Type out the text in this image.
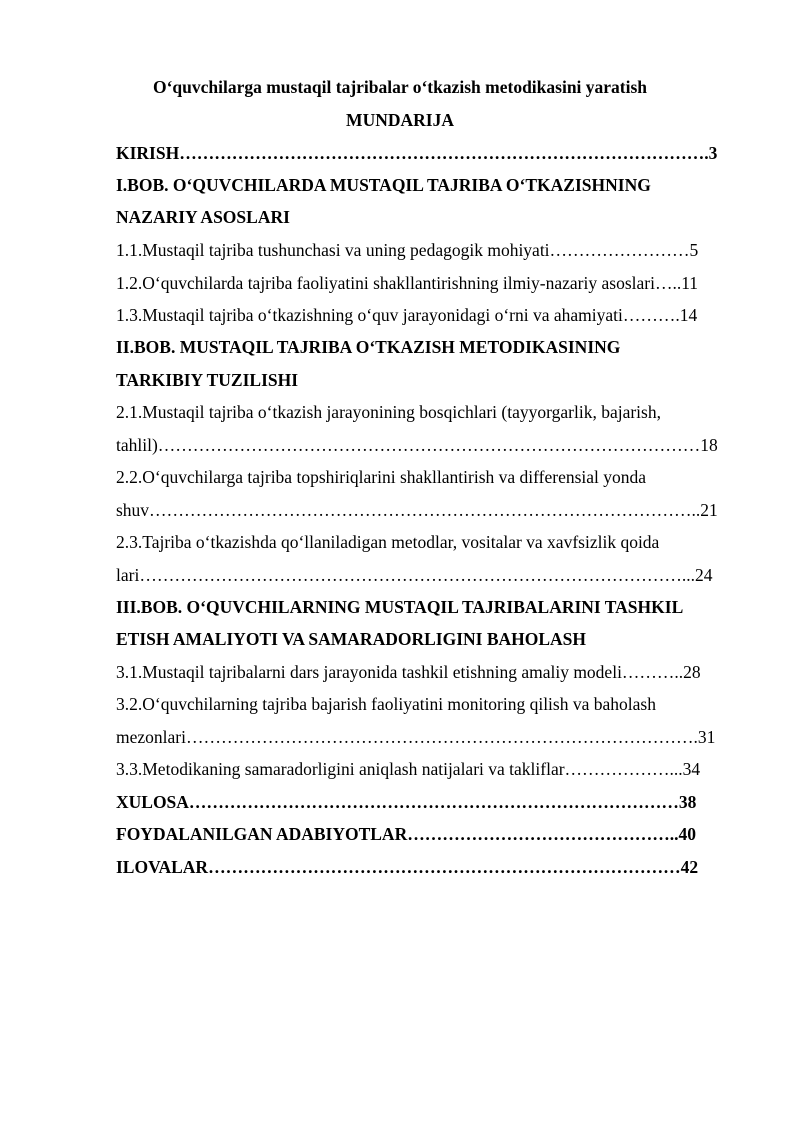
O‘quvchilarga mustaqil tajribalar o‘tkazish metodikasini yaratish
MUNDARIJA
KIRISH……………………………………………………………………………….3
I.BOB. O‘QUVCHILARDA MUSTAQIL TAJRIBA O‘TKAZISHNING
NAZARIY ASOSLARI
1.1.Mustaqil tajriba tushunchasi va uning pedagogik mohiyati……………………5
1.2.O‘quvchilarda tajriba faoliyatini shakllantirishning ilmiy-nazariy asoslari…..11
1.3.Mustaqil tajriba o‘tkazishning o‘quv jarayonidagi o‘rni va ahamiyati……….14
II.BOB. MUSTAQIL TAJRIBA O‘TKAZISH METODIKASINING
TARKIBIY TUZILISHI
2.1.Mustaqil tajriba o‘tkazish jarayonining bosqichlari (tayyorgarlik, bajarish,
tahlil)…………………………………………………………………………………18
2.2.O‘quvchilarga tajriba topshiriqlarini shakllantirish va differensial yonda
shuv…………………………………………………………………………………..21
2.3.Tajriba o‘tkazishda qo‘llaniladigan metodlar, vositalar va xavfsizlik qoida
lari…………………………………………………………………………………...24
III.BOB. O‘QUVCHILARNING MUSTAQIL TAJRIBALARINI TASHKIL
ETISH AMALIYOTI VA SAMARADORLIGINI BAHOLASH
3.1.Mustaqil tajribalarni dars jarayonida tashkil etishning amaliy modeli………..28
3.2.O‘quvchilarning tajriba bajarish faoliyatini monitoring qilish va baholash
mezonlari…………………………………………………………………………….31
3.3.Metodikaning samaradorligini aniqlash natijalari va takliflar………………...34
XULOSA…………………………………………………………………………38
FOYDALANILGAN ADABIYOTLAR………………………………………..40
ILOVALAR………………………………………………………………………42
